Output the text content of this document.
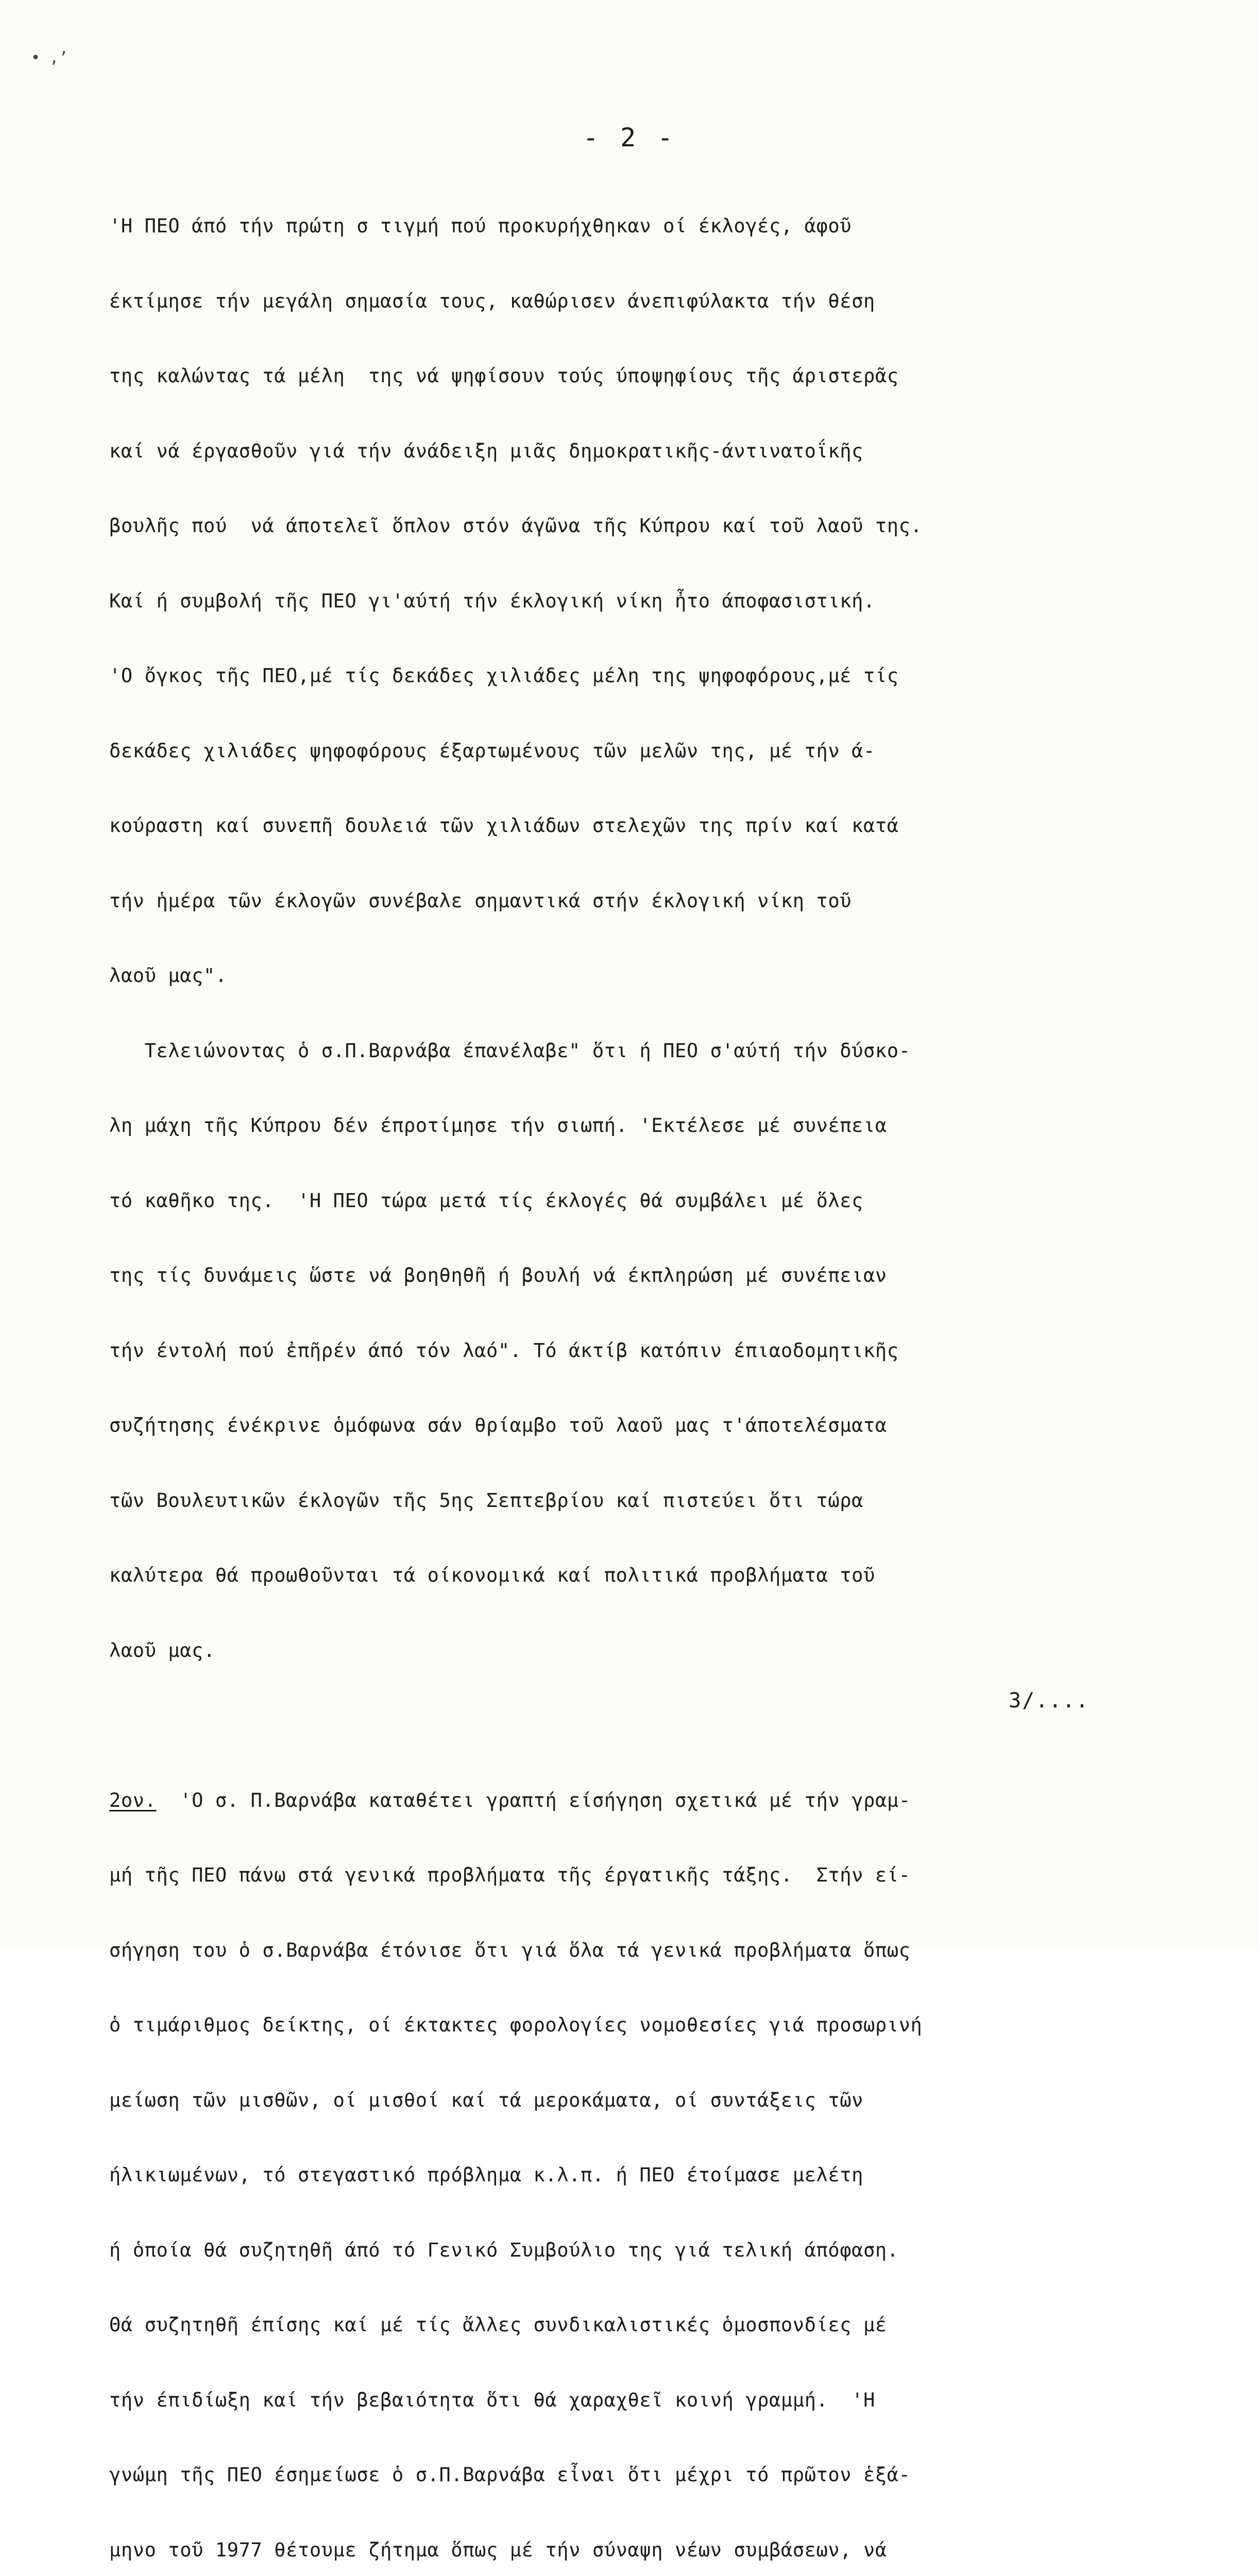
• ,’
- 2 -

'Η ΠΕΟ άπό τήν πρώτη σ τιγμή πού προκυρήχθηκαν οί έκλογές, άφοῦ

έκτίμησε τήν μεγάλη σημασία τους, καθώρισεν άνεπιφύλακτα τήν θέση

της καλώντας τά μέλη  της νά ψηφίσουν τούς ύποψηφίους τῆς άριστερᾶς

καί νά έργασθοῦν γιά τήν άνάδειξη μιᾶς δημοκρατικῆς-άντινατοΐκῆς

βουλῆς πού  νά άποτελεῖ ὅπλον στόν άγῶνα τῆς Κύπρου καί τοῦ λαοῦ της.

Καί ή συμβολή τῆς ΠΕΟ γι'αύτή τήν έκλογική νίκη ἦτο άποφασιστική.

'Ο ὄγκος τῆς ΠΕΟ,μέ τίς δεκάδες χιλιάδες μέλη της ψηφοφόρους,μέ τίς

δεκάδες χιλιάδες ψηφοφόρους έξαρτωμένους τῶν μελῶν της, μέ τήν ά-

κούραστη καί συνεπῆ δουλειά τῶν χιλιάδων στελεχῶν της πρίν καί κατά

τήν ἡμέρα τῶν έκλογῶν συνέβαλε σημαντικά στήν έκλογική νίκη τοῦ

λαοῦ μας".

Τελειώνοντας ὁ σ.Π.Βαρνάβα έπανέλαβε" ὅτι ή ΠΕΟ σ'αύτή τήν δύσκο-

λη μάχη τῆς Κύπρου δέν έπροτίμησε τήν σιωπή. 'Εκτέλεσε μέ συνέπεια

τό καθῆκο της.  'Η ΠΕΟ τώρα μετά τίς έκλογές θά συμβάλει μέ ὅλες

της τίς δυνάμεις ὥστε νά βοηθηθῆ ή βουλή νά έκπληρώση μέ συνέπειαν

τήν έντολή πού ἐπῆρέν άπό τόν λαό". Τό άκτίβ κατόπιν έπιαοδομητικῆς

συζήτησης ένέκρινε ὁμόφωνα σάν θρίαμβο τοῦ λαοῦ μας τ'άποτελέσματα

τῶν Βουλευτικῶν έκλογῶν τῆς 5ης Σεπτεβρίου καί πιστεύει ὅτι τώρα

καλύτερα θά προωθοῦνται τά οίκονομικά καί πολιτικά προβλήματα τοῦ

λαοῦ μας.

2ον.  'Ο σ. Π.Βαρνάβα καταθέτει γραπτή είσήγηση σχετικά μέ τήν γραμ-

μή τῆς ΠΕΟ πάνω στά γενικά προβλήματα τῆς έργατικῆς τάξης.  Στήν εί-

σήγηση του ὁ σ.Βαρνάβα έτόνισε ὅτι γιά ὅλα τά γενικά προβλήματα ὅπως

ὁ τιμάριθμος δείκτης, οί έκτακτες φορολογίες νομοθεσίες γιά προσωρινή

μείωση τῶν μισθῶν, οί μισθοί καί τά μεροκάματα, οί συντάξεις τῶν

ήλικιωμένων, τό στεγαστικό πρόβλημα κ.λ.π. ή ΠΕΟ έτοίμασε μελέτη

ή ὁποία θά συζητηθῆ άπό τό Γενικό Συμβούλιο της γιά τελική άπόφαση.

Θά συζητηθῆ έπίσης καί μέ τίς ἄλλες συνδικαλιστικές ὁμοσπονδίες μέ

τήν έπιδίωξη καί τήν βεβαιότητα ὅτι θά χαραχθεῖ κοινή γραμμή.  'Η

γνώμη τῆς ΠΕΟ έσημείωσε ὁ σ.Π.Βαρνάβα εἶναι ὅτι μέχρι τό πρῶτον ἑξά-

μηνο τοῦ 1977 θέτουμε ζήτημα ὅπως μέ τήν σύναψη νέων συμβάσεων, νά

3/....
